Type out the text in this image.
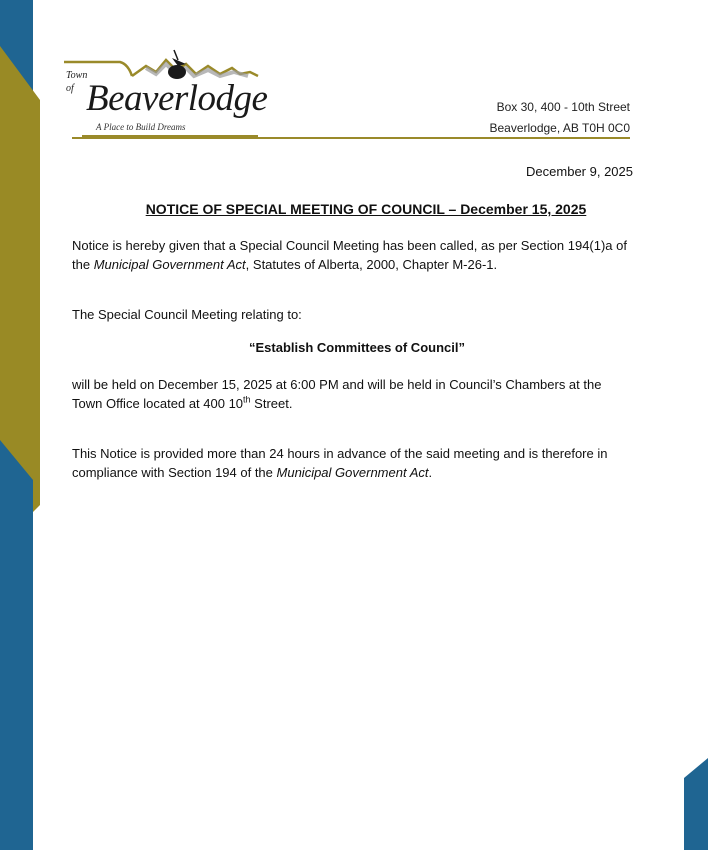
Town
of Beaverlodge
A Place to Build Dreams
Box 30, 400 - 10th Street
Beaverlodge, AB T0H 0C0
December 9, 2025
NOTICE OF SPECIAL MEETING OF COUNCIL – December 15, 2025
Notice is hereby given that a Special Council Meeting has been called, as per Section 194(1)a of the Municipal Government Act, Statutes of Alberta, 2000, Chapter M-26-1.
The Special Council Meeting relating to:
“Establish Committees of Council”
will be held on December 15, 2025 at 6:00 PM and will be held in Council’s Chambers at the Town Office located at 400 10th Street.
This Notice is provided more than 24 hours in advance of the said meeting and is therefore in compliance with Section 194 of the Municipal Government Act.
